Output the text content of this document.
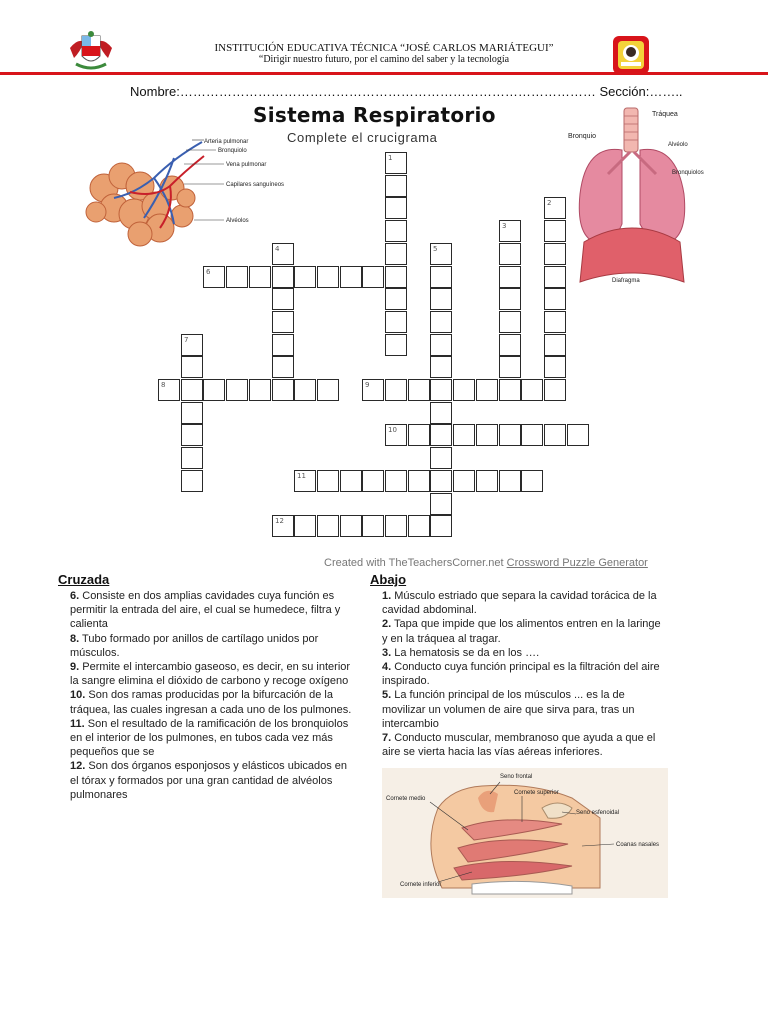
INSTITUCIÓN EDUCATIVA TÉCNICA “JOSÉ CARLOS MARIÁTEGUI”
“Dirigir nuestro futuro, por el camino del saber y la tecnología
Nombre:…………………………………………………………………………………… Sección:……..
Sistema Respiratorio
Complete el crucigrama
Arteria pulmonar
Bronquiolo
Vena pulmonar
Capilares sanguíneos
Alvéolos
Tráquea
Bronquio
Alvéolo
Bronquiolos
Diafragma
1
2
3
4	5
6
7
8	9
10
11
12
Created with TheTeachersCorner.net Crossword Puzzle Generator
Cruzada
6. Consiste en dos amplias cavidades cuya función es permitir la entrada del aire, el cual se humedece, filtra y calienta
8. Tubo formado por anillos de cartílago unidos por músculos.
9. Permite el intercambio gaseoso, es decir, en su interior la sangre elimina el dióxido de carbono y recoge oxígeno
10. Son dos ramas producidas por la bifurcación de la tráquea, las cuales ingresan a cada uno de los pulmones.
11. Son el resultado de la ramificación de los bronquiolos en el interior de los pulmones, en tubos cada vez más pequeños que se
12. Son dos órganos esponjosos y elásticos ubicados en el tórax y formados por una gran cantidad de alvéolos pulmonares
Abajo
1. Músculo estriado que separa la cavidad torácica de la cavidad abdominal.
2. Tapa que impide que los alimentos entren en la laringe y en la tráquea al tragar.
3. La hematosis se da en los ….
4. Conducto cuya función principal es la filtración del aire inspirado.
5. La función principal de los músculos ... es la de movilizar un volumen de aire que sirva para, tras un intercambio
7. Conducto muscular, membranoso que ayuda a que el aire se vierta hacia las vías aéreas inferiores.
Seno frontal
Cornete superior
Cornete medio
Seno esfenoidal
Coanas nasales
Cornete inferior
